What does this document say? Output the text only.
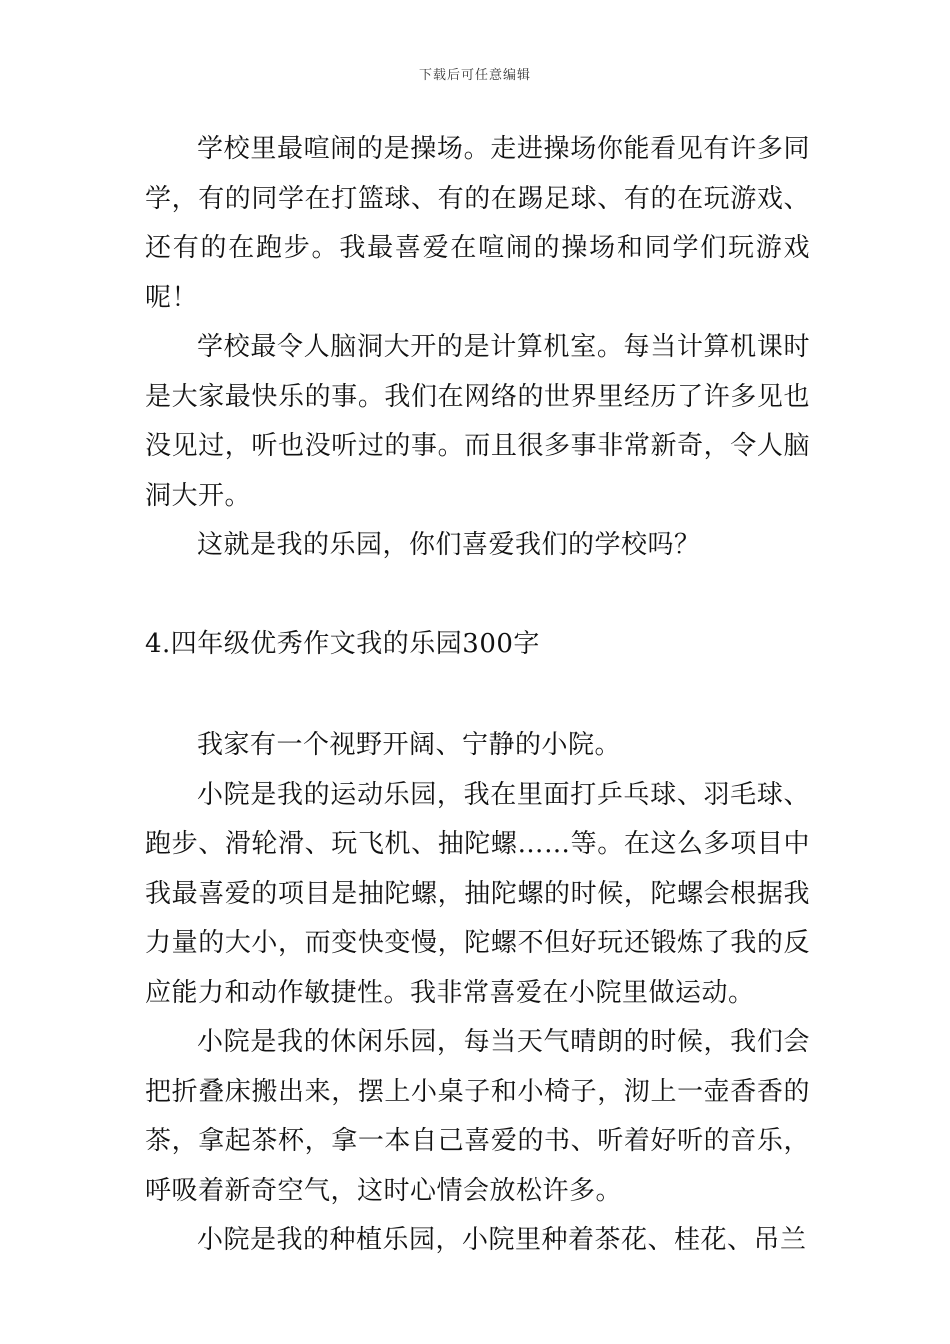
下载后可任意编辑

学校里最喧闹的是操场。走进操场你能看见有许多同学，有的同学在打篮球、有的在踢足球、有的在玩游戏、还有的在跑步。我最喜爱在喧闹的操场和同学们玩游戏呢！

学校最令人脑洞大开的是计算机室。每当计算机课时是大家最快乐的事。我们在网络的世界里经历了许多见也没见过，听也没听过的事。而且很多事非常新奇，令人脑洞大开。

这就是我的乐园，你们喜爱我们的学校吗？

4.四年级优秀作文我的乐园300字

我家有一个视野开阔、宁静的小院。

小院是我的运动乐园，我在里面打乒乓球、羽毛球、跑步、滑轮滑、玩飞机、抽陀螺……等。在这么多项目中我最喜爱的项目是抽陀螺，抽陀螺的时候，陀螺会根据我力量的大小，而变快变慢，陀螺不但好玩还锻炼了我的反应能力和动作敏捷性。我非常喜爱在小院里做运动。

小院是我的休闲乐园，每当天气晴朗的时候，我们会把折叠床搬出来，摆上小桌子和小椅子，沏上一壶香香的茶，拿起茶杯，拿一本自己喜爱的书、听着好听的音乐，呼吸着新奇空气，这时心情会放松许多。

小院是我的种植乐园，小院里种着茶花、桂花、吊兰
